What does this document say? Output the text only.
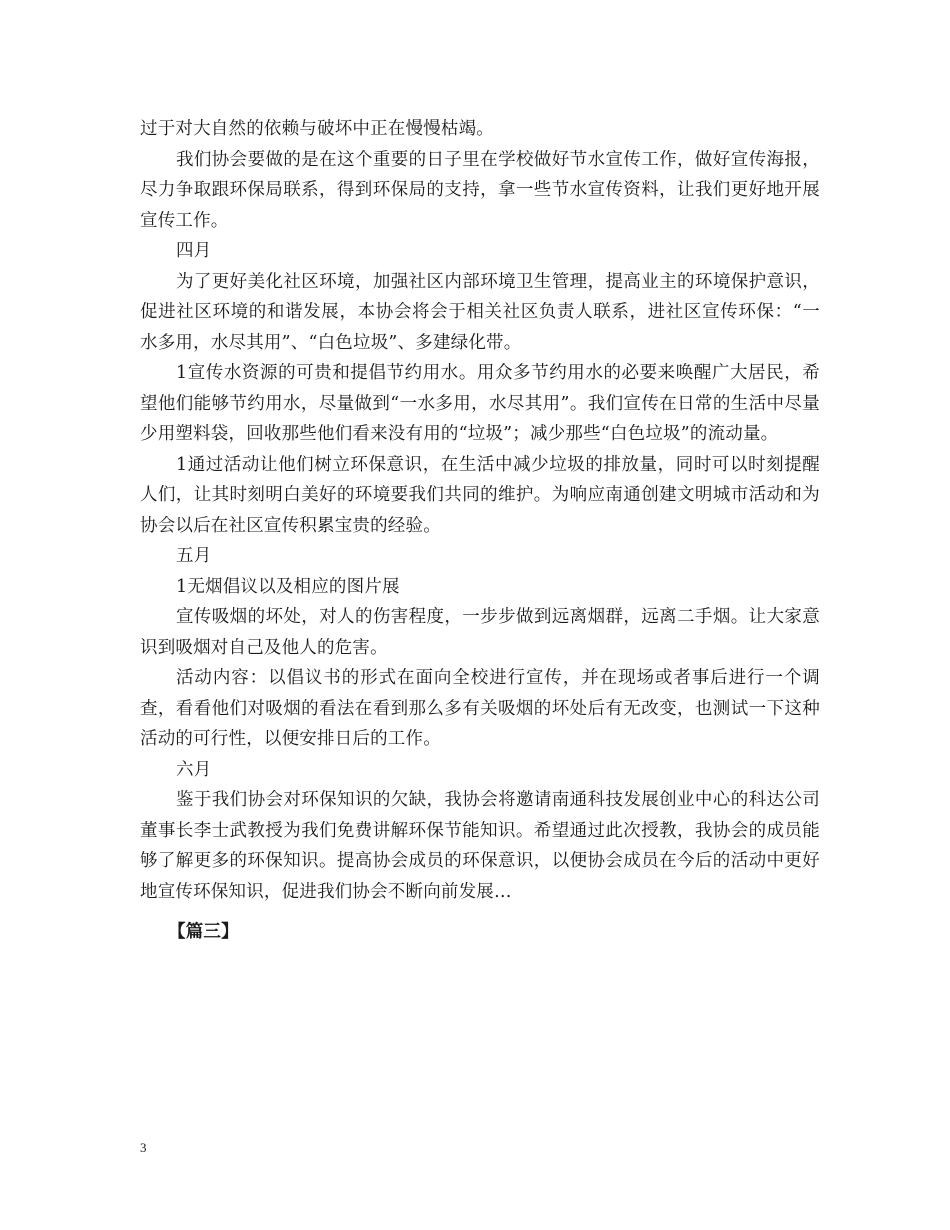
过于对大自然的依赖与破坏中正在慢慢枯竭。

我们协会要做的是在这个重要的日子里在学校做好节水宣传工作，做好宣传海报，尽力争取跟环保局联系，得到环保局的支持，拿一些节水宣传资料，让我们更好地开展宣传工作。

四月

为了更好美化社区环境，加强社区内部环境卫生管理，提高业主的环境保护意识，促进社区环境的和谐发展，本协会将会于相关社区负责人联系，进社区宣传环保：“一水多用，水尽其用”、“白色垃圾”、多建绿化带。

1宣传水资源的可贵和提倡节约用水。用众多节约用水的必要来唤醒广大居民，希望他们能够节约用水，尽量做到“一水多用，水尽其用”。我们宣传在日常的生活中尽量少用塑料袋，回收那些他们看来没有用的“垃圾”；减少那些“白色垃圾”的流动量。

1通过活动让他们树立环保意识，在生活中减少垃圾的排放量，同时可以时刻提醒人们，让其时刻明白美好的环境要我们共同的维护。为响应南通创建文明城市活动和为协会以后在社区宣传积累宝贵的经验。

五月

1无烟倡议以及相应的图片展

宣传吸烟的坏处，对人的伤害程度，一步步做到远离烟群，远离二手烟。让大家意识到吸烟对自己及他人的危害。

活动内容：以倡议书的形式在面向全校进行宣传，并在现场或者事后进行一个调查，看看他们对吸烟的看法在看到那么多有关吸烟的坏处后有无改变，也测试一下这种活动的可行性，以便安排日后的工作。

六月

鉴于我们协会对环保知识的欠缺，我协会将邀请南通科技发展创业中心的科达公司董事长李士武教授为我们免费讲解环保节能知识。希望通过此次授教，我协会的成员能够了解更多的环保知识。提高协会成员的环保意识，以便协会成员在今后的活动中更好地宣传环保知识，促进我们协会不断向前发展…

【篇三】

3
